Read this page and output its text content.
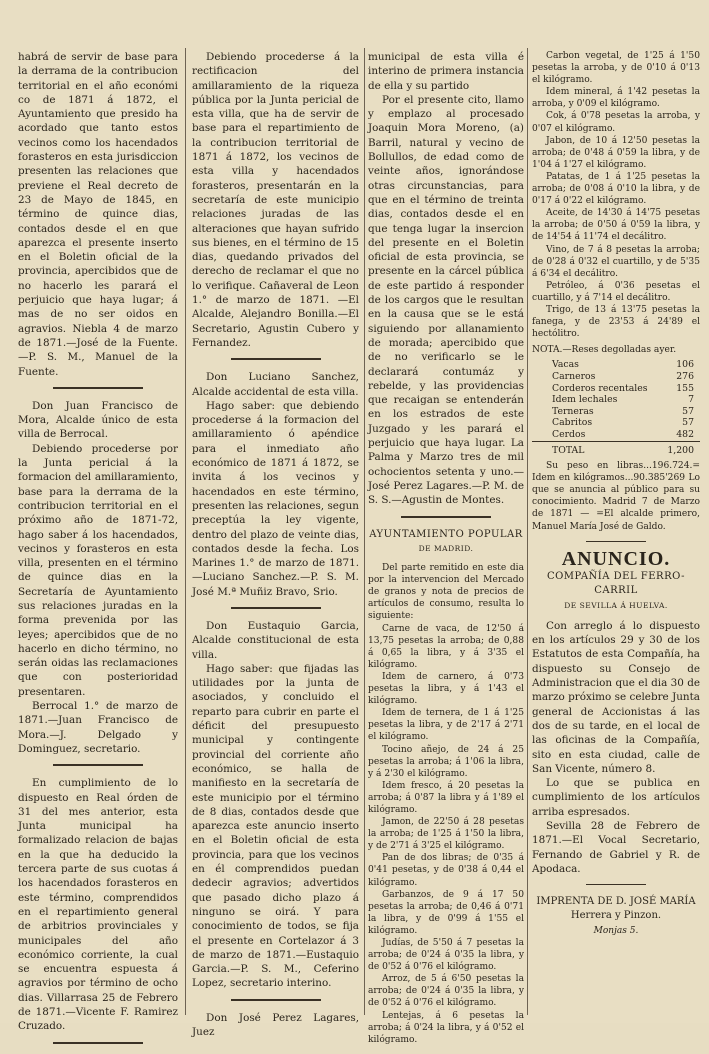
habrá de servir de base para la derrama de la contribucion territorial en el año económi co de 1871 á 1872, el Ayuntamiento que presido ha acordado que tanto estos vecinos como los hacendados forasteros en esta jurisdiccion presenten las relaciones que previene el Real decreto de 23 de Mayo de 1845, en término de quince dias, contados desde el en que aparezca el presente inserto en el Boletin oficial de la provincia, apercibidos que de no hacerlo les parará el perjuicio que haya lugar; á mas de no ser oidos en agravios. Niebla 4 de marzo de 1871.—José de la Fuente.—P. S. M., Manuel de la Fuente.

Don Juan Francisco de Mora, Alcalde único de esta villa de Berrocal.

Debiendo procederse por la Junta pericial á la formacion del amillaramiento, base para la derrama de la contribucion territorial en el próximo año de 1871-72, hago saber á los hacendados, vecinos y forasteros en esta villa, presenten en el término de quince dias en la Secretaría de Ayuntamiento sus relaciones juradas en la forma prevenida por las leyes; apercibidos que de no hacerlo en dicho término, no serán oidas las reclamaciones que con posterioridad presentaren.

Berrocal 1.° de marzo de 1871.—Juan Francisco de Mora.—J. Delgado y Dominguez, secretario.

En cumplimiento de lo dispuesto en Real órden de 31 del mes anterior, esta Junta municipal ha formalizado relacion de bajas en la que ha deducido la tercera parte de sus cuotas á los hacendados forasteros en este término, comprendidos en el repartimiento general de arbitrios provinciales y municipales del año económico corriente, la cual se encuentra espuesta á agravios por término de ocho dias. Villarrasa 25 de Febrero de 1871.—Vicente F. Ramirez Cruzado.

Debiendo procederse á la rectificacion del amillaramiento de la riqueza pública por la Junta pericial de esta villa, que ha de servir de base para el repartimiento de la contribucion territorial de 1871 á 1872, los vecinos de esta villa y hacendados forasteros, presentarán en la secretaría de este municipio relaciones juradas de las alteraciones que hayan sufrido sus bienes, en el término de 15 dias, quedando privados del derecho de reclamar el que no lo verifique. Cañaveral de Leon 1.° de marzo de 1871. —El Alcalde, Alejandro Bonilla.—El Secretario, Agustin Cubero y Fernandez.

Don Luciano Sanchez, Alcalde accidental de esta villa.

Hago saber: que debiendo procederse á la formacion del amillaramiento ó apéndice para el inmediato año económico de 1871 á 1872, se invita á los vecinos y hacendados en este término, presenten las relaciones, segun preceptúa la ley vigente, dentro del plazo de veinte dias, contados desde la fecha. Los Marines 1.° de marzo de 1871.—Luciano Sanchez.—P. S. M. José M.ª Muñiz Bravo, Srio.

Don Eustaquio Garcia, Alcalde constitucional de esta villa.

Hago saber: que fijadas las utilidades por la junta de asociados, y concluido el reparto para cubrir en parte el déficit del presupuesto municipal y contingente provincial del corriente año económico, se halla de manifiesto en la secretaría de este municipio por el término de 8 dias, contados desde que aparezca este anuncio inserto en el Boletin oficial de esta provincia, para que los vecinos en él comprendidos puedan dedecir agravios; advertidos que pasado dicho plazo á ninguno se oirá. Y para conocimiento de todos, se fija el presente en Cortelazor á 3 de marzo de 1871.—Eustaquio Garcia.—P. S. M., Ceferino Lopez, secretario interino.

Don José Perez Lagares, Juez

municipal de esta villa é interino de primera instancia de ella y su partido

Por el presente cito, llamo y emplazo al procesado Joaquin Mora Moreno, (a) Barril, natural y vecino de Bollullos, de edad como de veinte años, ignorándose otras circunstancias, para que en el término de treinta dias, contados desde el en que tenga lugar la insercion del presente en el Boletin oficial de esta provincia, se presente en la cárcel pública de este partido á responder de los cargos que le resultan en la causa que se le está siguiendo por allanamiento de morada; apercibido que de no verificarlo se le declarará contumáz y rebelde, y las providencias que recaigan se entenderán en los estrados de este Juzgado y les parará el perjuicio que haya lugar. La Palma y Marzo tres de mil ochocientos setenta y uno.—José Perez Lagares.—P. M. de S. S.—Agustin de Montes.

AYUNTAMIENTO POPULAR
DE MADRID.

Del parte remitido en este dia por la intervencion del Mercado de granos y nota de precios de artículos de consumo, resulta lo siguiente:

Carne de vaca, de 12'50 á 13,75 pesetas la arroba; de 0,88 á 0,65 la libra, y á 3'35 el kilógramo.

Idem de carnero, á 0'73 pesetas la libra, y á 1'43 el kilógramo.

Idem de ternera, de 1 á 1'25 pesetas la libra, y de 2'17 á 2'71 el kilógramo.

Tocino añejo, de 24 á 25 pesetas la arroba; á 1'06 la libra, y á 2'30 el kilógramo.

Idem fresco, á 20 pesetas la arroba; á 0'87 la libra y á 1'89 el kilógramo.

Jamon, de 22'50 á 28 pesetas la arroba; de 1'25 á 1'50 la libra, y de 2'71 á 3'25 el kilógramo.

Pan de dos libras; de 0'35 á 0'41 pesetas, y de 0'38 á 0,44 el kilógramo.

Garbanzos, de 9 á 17 50 pesetas la arroba; de 0,46 á 0'71 la libra, y de 0'99 á 1'55 el kilógramo.

Judías, de 5'50 á 7 pesetas la arroba; de 0'24 á 0'35 la libra, y de 0'52 á 0'76 el kilógramo.

Arroz, de 5 á 6'50 pesetas la arroba; de 0'24 á 0'35 la libra, y de 0'52 á 0'76 el kilógramo.

Lentejas, á 6 pesetas la arroba; á 0'24 la libra, y á 0'52 el kilógramo.

Carbon vegetal, de 1'25 á 1'50 pesetas la arroba, y de 0'10 á 0'13 el kilógramo.

Idem mineral, á 1'42 pesetas la arroba, y 0'09 el kilógramo.

Cok, á 0'78 pesetas la arroba, y 0'07 el kilógramo.

Jabon, de 10 á 12'50 pesetas la arroba; de 0'48 á 0'59 la libra, y de 1'04 á 1'27 el kilógramo.

Patatas, de 1 á 1'25 pesetas la arroba; de 0'08 á 0'10 la libra, y de 0'17 á 0'22 el kilógramo.

Aceite, de 14'30 á 14'75 pesetas la arroba; de 0'50 á 0'59 la libra, y de 14'54 á 11'74 el decálitro.

Vino, de 7 á 8 pesetas la arroba; de 0'28 á 0'32 el cuartillo, y de 5'35 á 6'34 el decálitro.

Petróleo, á 0'36 pesetas el cuartillo, y á 7'14 el decálitro.

Trigo, de 13 á 13'75 pesetas la fanega, y de 23'53 á 24'89 el hectólitro.

NOTA.—Reses degolladas ayer.

Vacas	106
Carneros	276
Corderos recentales	155
Idem lechales	7
Terneras	57
Cabritos	57
Cerdos	482
TOTAL	1,200

Su peso en libras...196.724.= Idem en kilógramos...90.385'269 Lo que se anuncia al público para su conocimiento. Madrid 7 de Marzo de 1871 — =El alcalde primero, Manuel María José de Galdo.

ANUNCIO.
COMPAÑÍA DEL FERRO-CARRIL
DE SEVILLA Á HUELVA.

Con arreglo á lo dispuesto en los artículos 29 y 30 de los Estatutos de esta Compañía, ha dispuesto su Consejo de Administracion que el dia 30 de marzo próximo se celebre Junta general de Accionistas á las dos de su tarde, en el local de las oficinas de la Compañía, sito en esta ciudad, calle de San Vicente, número 8.

Lo que se publica en cumplimiento de los artículos arriba espresados.

Sevilla 28 de Febrero de 1871.—El Vocal Secretario, Fernando de Gabriel y R. de Apodaca.

IMPRENTA DE D. JOSÉ MARÍA Herrera y Pinzon.
Monjas 5.
